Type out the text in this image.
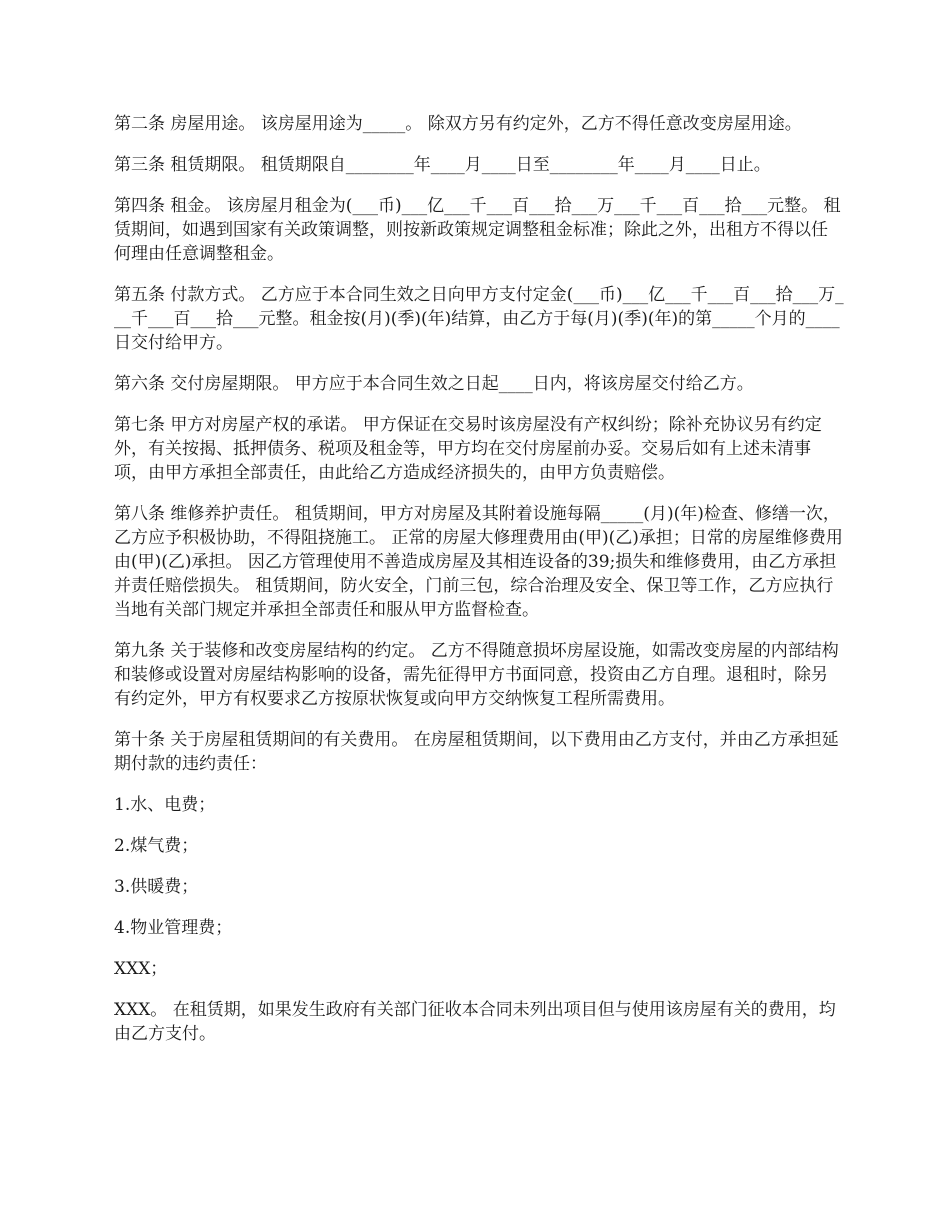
第二条 房屋用途。 该房屋用途为_____。 除双方另有约定外，乙方不得任意改变房屋用途。

第三条 租赁期限。 租赁期限自________年____月____日至________年____月____日止。

第四条 租金。 该房屋月租金为(___币)___亿___千___百___拾___万___千___百___拾___元整。 租赁期间，如遇到国家有关政策调整，则按新政策规定调整租金标准；除此之外，出租方不得以任何理由任意调整租金。

第五条 付款方式。 乙方应于本合同生效之日向甲方支付定金(___币)___亿___千___百___拾___万___千___百___拾___元整。租金按(月)(季)(年)结算，由乙方于每(月)(季)(年)的第_____个月的____日交付给甲方。

第六条 交付房屋期限。 甲方应于本合同生效之日起____日内，将该房屋交付给乙方。

第七条 甲方对房屋产权的承诺。 甲方保证在交易时该房屋没有产权纠纷；除补充协议另有约定外，有关按揭、抵押债务、税项及租金等，甲方均在交付房屋前办妥。交易后如有上述未清事项，由甲方承担全部责任，由此给乙方造成经济损失的，由甲方负责赔偿。

第八条 维修养护责任。 租赁期间，甲方对房屋及其附着设施每隔_____(月)(年)检查、修缮一次，乙方应予积极协助，不得阻挠施工。 正常的房屋大修理费用由(甲)(乙)承担；日常的房屋维修费用由(甲)(乙)承担。 因乙方管理使用不善造成房屋及其相连设备的39;损失和维修费用，由乙方承担并责任赔偿损失。 租赁期间，防火安全，门前三包，综合治理及安全、保卫等工作，乙方应执行当地有关部门规定并承担全部责任和服从甲方监督检查。

第九条 关于装修和改变房屋结构的约定。 乙方不得随意损坏房屋设施，如需改变房屋的内部结构和装修或设置对房屋结构影响的设备，需先征得甲方书面同意，投资由乙方自理。退租时，除另有约定外，甲方有权要求乙方按原状恢复或向甲方交纳恢复工程所需费用。

第十条 关于房屋租赁期间的有关费用。 在房屋租赁期间，以下费用由乙方支付，并由乙方承担延期付款的违约责任：

1.水、电费；

2.煤气费；

3.供暖费；

4.物业管理费；

XXX；

XXX。 在租赁期，如果发生政府有关部门征收本合同未列出项目但与使用该房屋有关的费用，均由乙方支付。
